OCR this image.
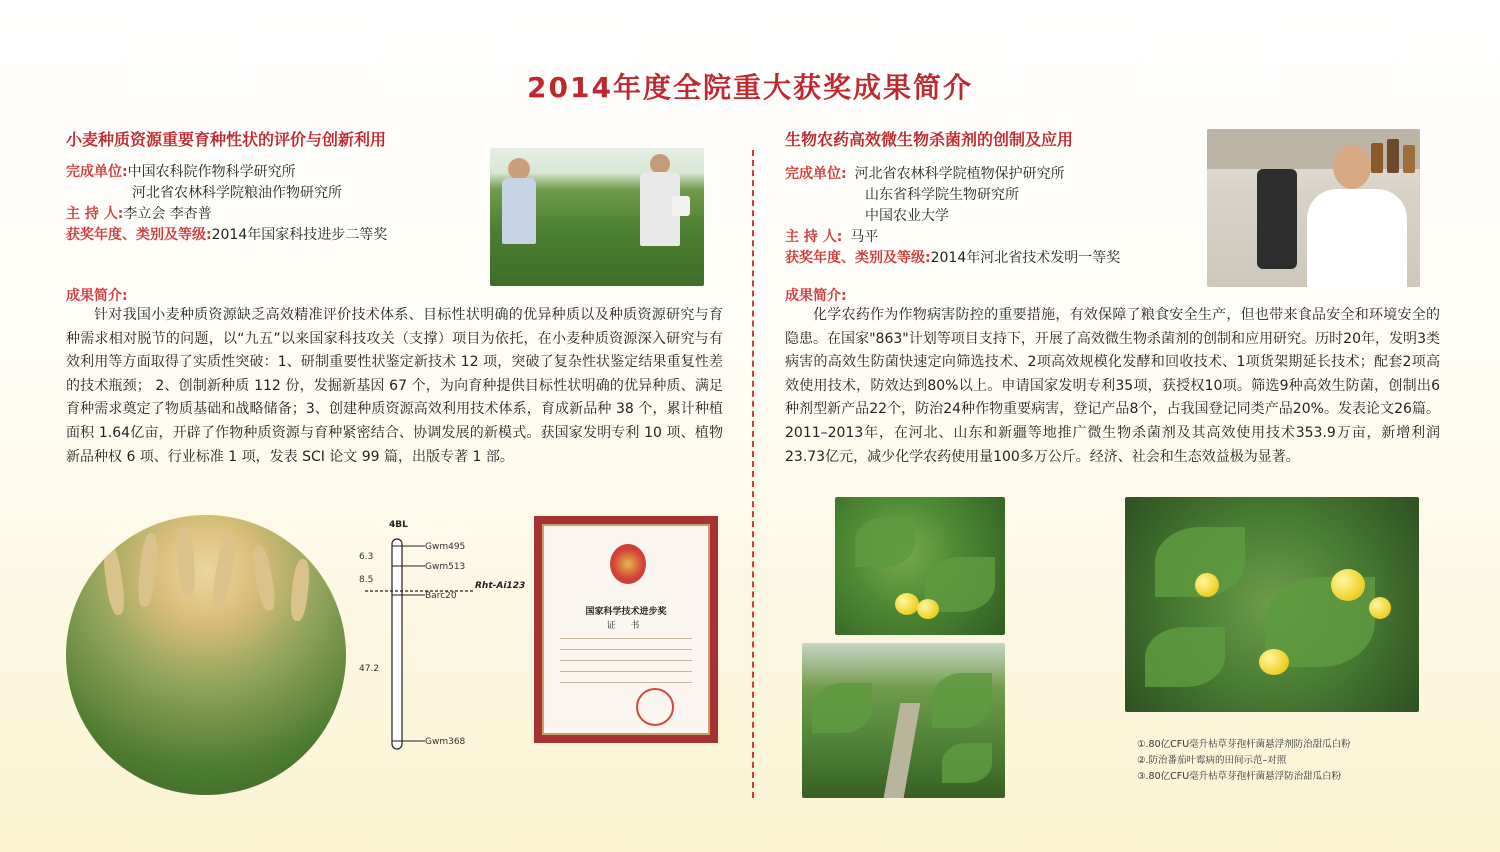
2014年度全院重大获奖成果简介
小麦种质资源重要育种性状的评价与创新利用
完成单位: 中国农科院作物科学研究所
河北省农林科学院粮油作物研究所
主 持 人: 李立会 李杏普
获奖年度、类别及等级: 2014年国家科技进步二等奖
成果简介:
针对我国小麦种质资源缺乏高效精准评价技术体系、目标性状明确的优异种质以及种质资源研究与育种需求相对脱节的问题，以“九五”以来国家科技攻关（支撑）项目为依托，在小麦种质资源深入研究与有效利用等方面取得了实质性突破：1、研制重要性状鉴定新技术 12 项，突破了复杂性状鉴定结果重复性差的技术瓶颈； 2、创制新种质 112 份，发掘新基因 67 个，为向育种提供目标性状明确的优异种质、满足育种需求奠定了物质基础和战略储备；3、创建种质资源高效利用技术体系，育成新品种 38 个，累计种植面积 1.64亿亩，开辟了作物种质资源与育种紧密结合、协调发展的新模式。获国家发明专利 10 项、植物新品种权 6 项、行业标准 1 项，发表 SCI 论文 99 篇，出版专著 1 部。
4BL
6.3
Gwm495
Gwm513
8.5
Rht-Ai123
Barc20
47.2
Gwm368
国家科学技术进步奖
证 书
生物农药高效微生物杀菌剂的创制及应用
完成单位: 河北省农林科学院植物保护研究所
山东省科学院生物研究所
中国农业大学
主 持 人: 马平
获奖年度、类别及等级: 2014年河北省技术发明一等奖
成果简介:
化学农药作为作物病害防控的重要措施，有效保障了粮食安全生产，但也带来食品安全和环境安全的隐患。在国家"863"计划等项目支持下，开展了高效微生物杀菌剂的创制和应用研究。历时20年，发明3类病害的高效生防菌快速定向筛选技术、2项高效规模化发酵和回收技术、1项货架期延长技术；配套2项高效使用技术，防效达到80%以上。申请国家发明专利35项，获授权10项。筛选9种高效生防菌，创制出6种剂型新产品22个，防治24种作物重要病害，登记产品8个，占我国登记同类产品20%。发表论文26篇。2011–2013年，在河北、山东和新疆等地推广微生物杀菌剂及其高效使用技术353.9万亩，新增利润23.73亿元，减少化学农药使用量100多万公斤。经济、社会和生态效益极为显著。
①.80亿CFU毫升枯草芽孢杆菌悬浮剂防治甜瓜白粉
②.防治番茄叶霉病的田间示范–对照
③.80亿CFU毫升枯草芽孢杆菌悬浮防治甜瓜白粉
